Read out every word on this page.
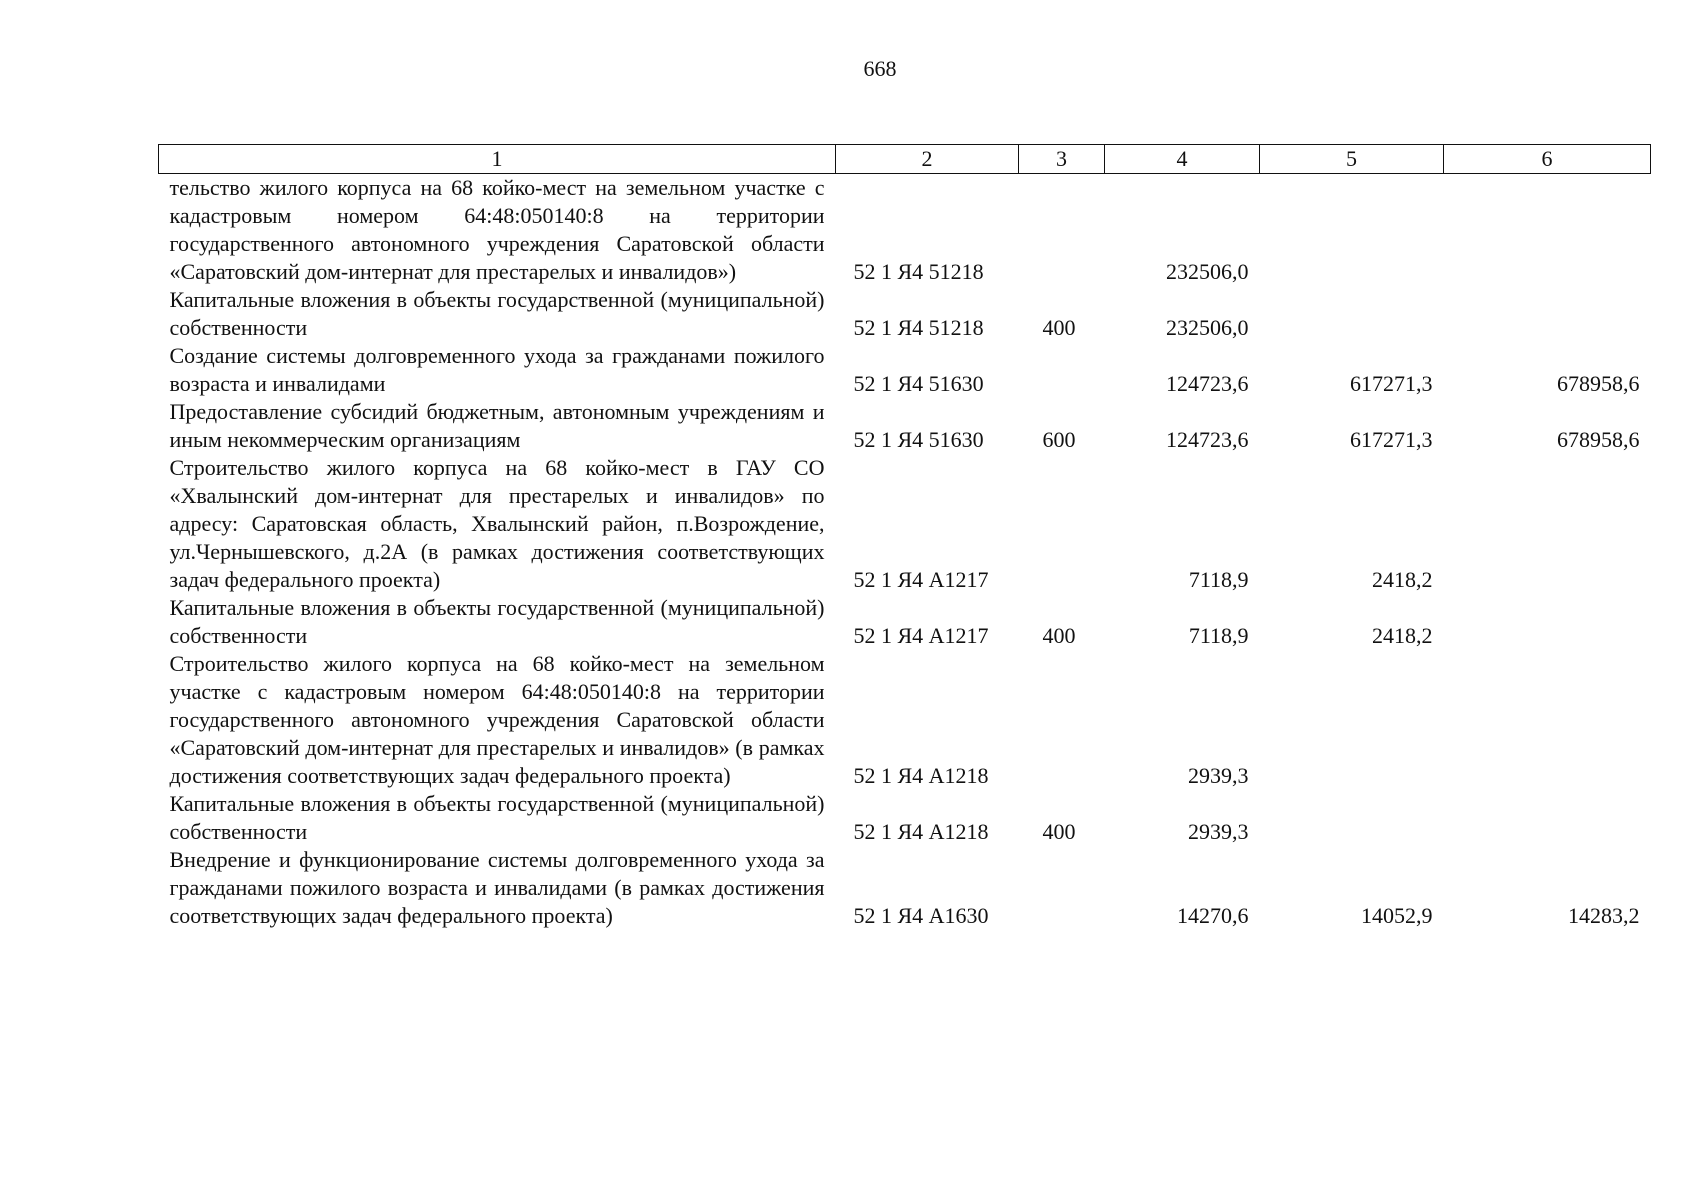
668
1	2	3	4	5	6
тельство жилого корпуса на 68 койко-мест на земельном участке с кадастровым номером 64:48:050140:8 на территории государственного автономного учреждения Саратовской области «Саратовский дом-интернат для престарелых и инвалидов»)	52 1 Я4 51218		232506,0		
Капитальные вложения в объекты государственной (муниципальной) собственности	52 1 Я4 51218	400	232506,0		
Создание системы долговременного ухода за гражданами пожилого возраста и инвалидами	52 1 Я4 51630		124723,6	617271,3	678958,6
Предоставление субсидий бюджетным, автономным учреждениям и иным некоммерческим организациям	52 1 Я4 51630	600	124723,6	617271,3	678958,6
Строительство жилого корпуса на 68 койко-мест в ГАУ СО «Хвалынский дом-интернат для престарелых и инвалидов» по адресу: Саратовская область, Хвалынский район, п.Возрождение, ул.Чернышевского, д.2А (в рамках достижения соответствующих задач федерального проекта)	52 1 Я4 А1217		7118,9	2418,2	
Капитальные вложения в объекты государственной (муниципальной) собственности	52 1 Я4 А1217	400	7118,9	2418,2	
Строительство жилого корпуса на 68 койко-мест на земельном участке с кадастровым номером 64:48:050140:8 на территории государственного автономного учреждения Саратовской области «Саратовский дом-интернат для престарелых и инвалидов» (в рамках достижения соответствующих задач федерального проекта)	52 1 Я4 А1218		2939,3		
Капитальные вложения в объекты государственной (муниципальной) собственности	52 1 Я4 А1218	400	2939,3		
Внедрение и функционирование системы долговременного ухода за гражданами пожилого возраста и инвалидами (в рамках достижения соответствующих задач федерального проекта)	52 1 Я4 А1630		14270,6	14052,9	14283,2
